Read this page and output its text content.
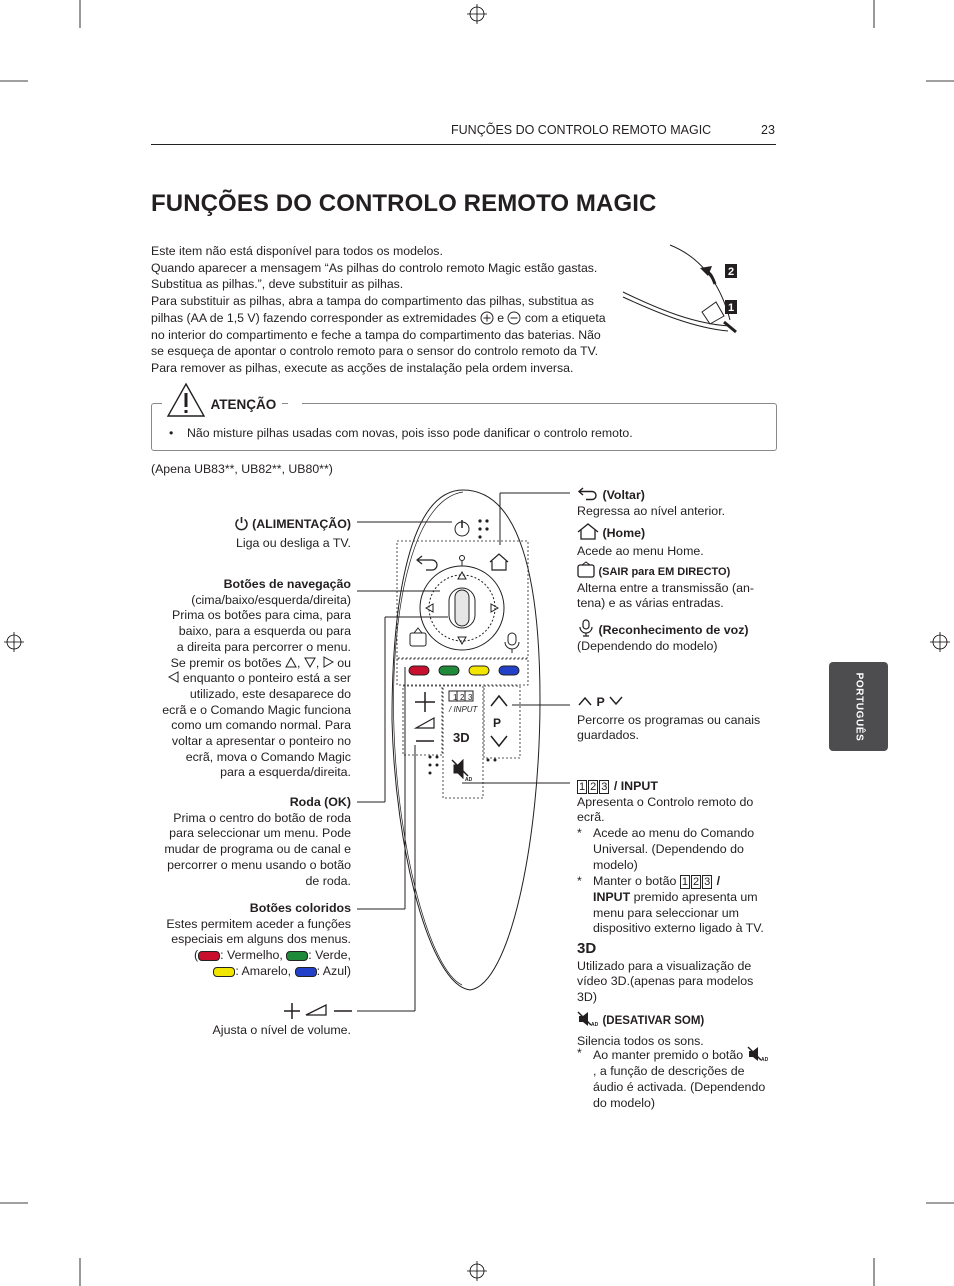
FUNÇÕES DO CONTROLO REMOTO MAGIC	23
FUNÇÕES DO CONTROLO REMOTO MAGIC
PORTUGUÊS
Este item não está disponível para todos os modelos.
Quando aparecer a mensagem “As pilhas do controlo remoto Magic estão gastas.
Substitua as pilhas.”, deve substituir as pilhas.
Para substituir as pilhas, abra a tampa do compartimento das pilhas, substitua as
pilhas (AA de 1,5 V) fazendo corresponder as extremidades e com a etiqueta
no interior do compartimento e feche a tampa do compartimento das baterias. Não
se esqueça de apontar o controlo remoto para o sensor do controlo remoto da TV.
Para remover as pilhas, execute as acções de instalação pela ordem inversa.
2
1
$_{ATENÇÃO}$
•    Não misture pilhas usadas com novas, pois isso pode danificar o controlo remoto.
(Apena UB83**, UB82**, UB80**)
1 2 3
/ INPUT
P
3D
AD
(ALIMENTAÇÃO)
Liga ou desliga a TV.
Botões de navegação
(cima/baixo/esquerda/direita)
Prima os botões para cima, para
baixo, para a esquerda ou para
a direita para percorrer o menu.
Se premir os botões , , ou
enquanto o ponteiro está a ser
utilizado, este desaparece do
ecrã e o Comando Magic funciona
como um comando normal. Para
voltar a apresentar o ponteiro no
ecrã, mova o Comando Magic
para a esquerda/direita.
Roda (OK)
Prima o centro do botão de roda
para seleccionar um menu. Pode
mudar de programa ou de canal e
percorrer o menu usando o botão
de roda.
Botões coloridos
Estes permitem aceder a funções
especiais em alguns dos menus.
( : Vermelho, : Verde,
: Amarelo, : Azul)
Ajusta o nível de volume.
(Voltar)
Regressa ao nível anterior.
(Home)
Acede ao menu Home.
(SAIR para EM DIRECTO)
Alterna entre a transmissão (an-
tena) e as várias entradas.
(Reconhecimento de voz)
(Dependendo do modelo)
P
Percorre os programas ou canais
guardados.
1 2 3 / INPUT
Apresenta o Controlo remoto do
ecrã.
* Acede ao menu do Comando
Universal. (Dependendo do
modelo)
* Manter o botão 1 2 3 /
INPUT premido apresenta um
menu para seleccionar um
dispositivo externo ligado à TV.
3D
Utilizado para a visualização de
vídeo 3D.(apenas para modelos
3D)
AD (DESATIVAR SOM)
Silencia todos os sons.
* Ao manter premido o botão	AD
, a função de descrições de
áudio é activada. (Dependendo
do modelo)
